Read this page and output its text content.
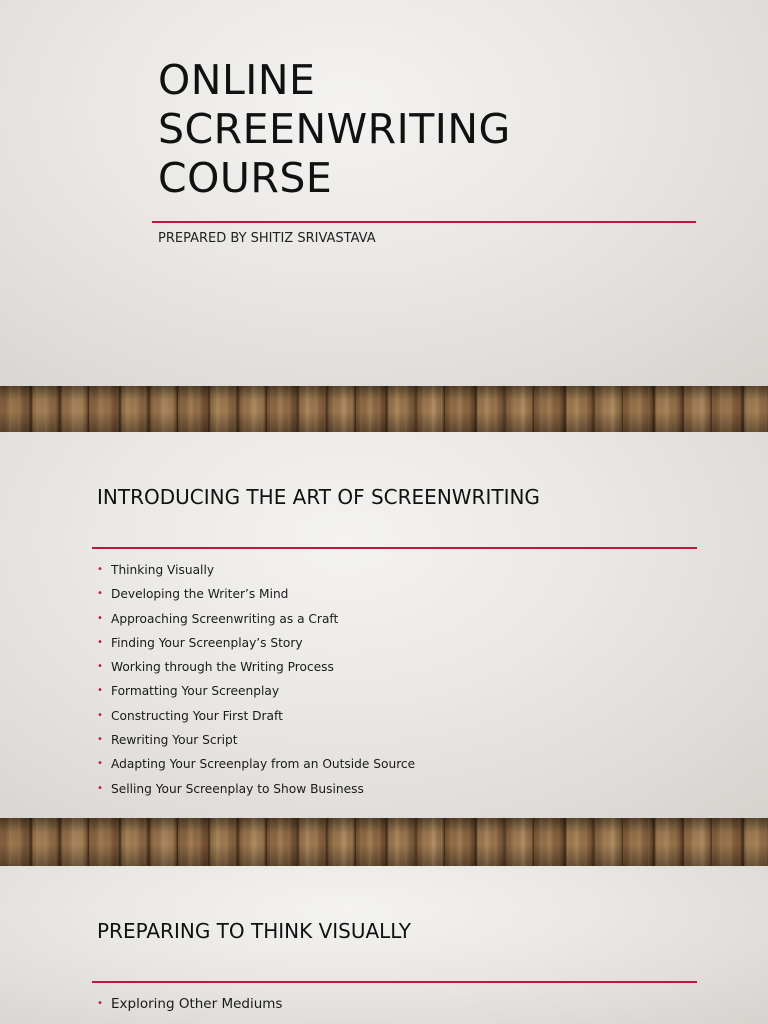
ONLINE
SCREENWRITING
COURSE

PREPARED BY SHITIZ SRIVASTAVA

INTRODUCING THE ART OF SCREENWRITING
• Thinking Visually
• Developing the Writer’s Mind
• Approaching Screenwriting as a Craft
• Finding Your Screenplay’s Story
• Working through the Writing Process
• Formatting Your Screenplay
• Constructing Your First Draft
• Rewriting Your Script
• Adapting Your Screenplay from an Outside Source
• Selling Your Screenplay to Show Business
PREPARING TO THINK VISUALLY
• Exploring Other Mediums
